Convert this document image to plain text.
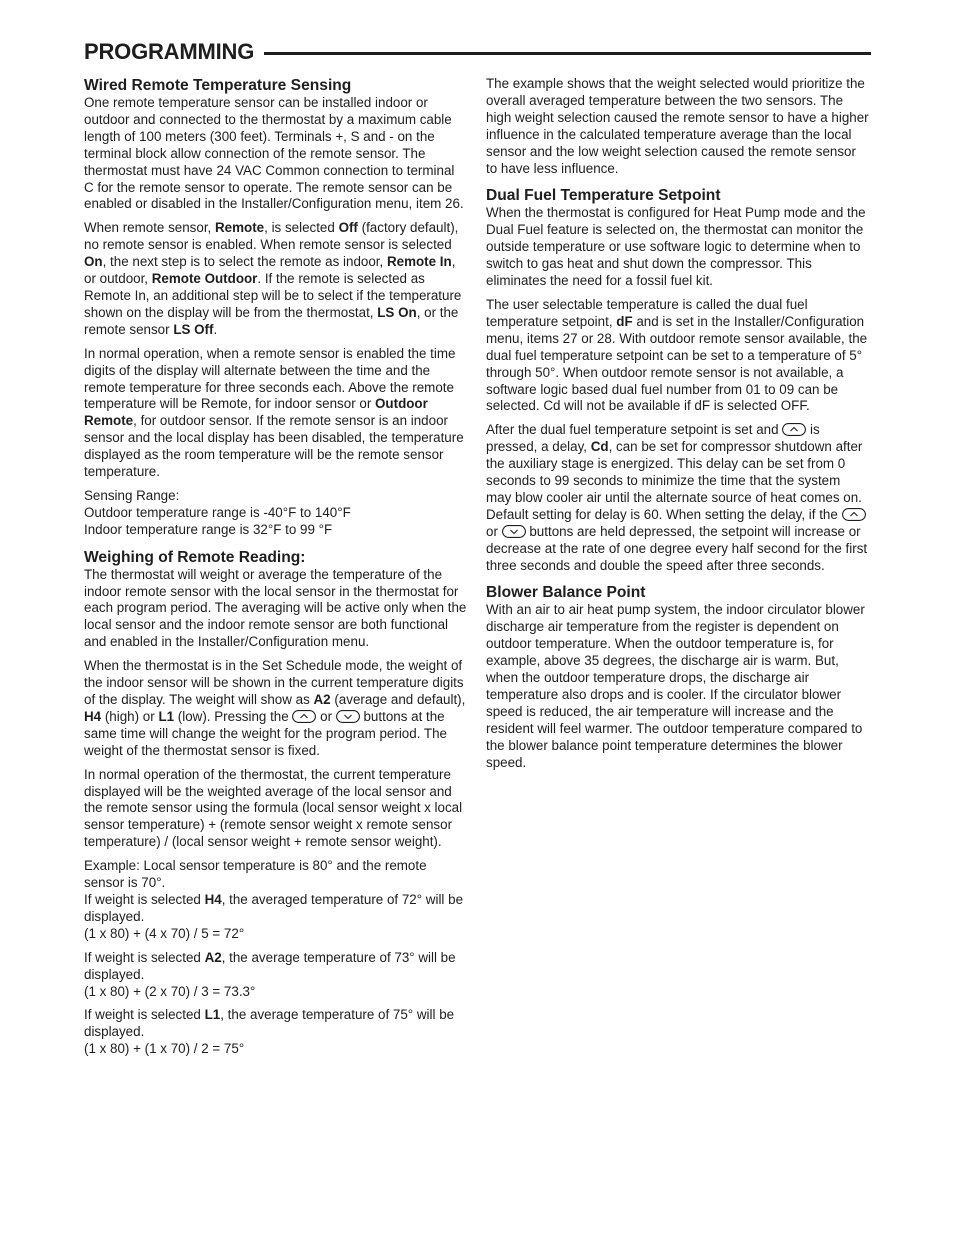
PROGRAMMING
Wired Remote Temperature Sensing

One remote temperature sensor can be installed indoor or outdoor and connected to the thermostat by a maximum cable length of 100 meters (300 feet). Terminals +, S and - on the terminal block allow connection of the remote sensor. The thermostat must have 24 VAC Common connection to terminal C for the remote sensor to operate. The remote sensor can be enabled or disabled in the Installer/Configuration menu, item 26.

When remote sensor, Remote, is selected Off (factory default), no remote sensor is enabled. When remote sensor is selected On, the next step is to select the remote as indoor, Remote In, or outdoor, Remote Outdoor. If the remote is selected as Remote In, an additional step will be to select if the temperature shown on the display will be from the thermostat, LS On, or the remote sensor LS Off.

In normal operation, when a remote sensor is enabled the time digits of the display will alternate between the time and the remote temperature for three seconds each. Above the remote temperature will be Remote, for indoor sensor or Outdoor Remote, for outdoor sensor. If the remote sensor is an indoor sensor and the local display has been disabled, the temperature displayed as the room temperature will be the remote sensor temperature.

Sensing Range:
Outdoor temperature range is -40°F to 140°F
Indoor temperature range is 32°F to 99 °F

Weighing of Remote Reading:

The thermostat will weight or average the temperature of the indoor remote sensor with the local sensor in the thermostat for each program period. The averaging will be active only when the local sensor and the indoor remote sensor are both functional and enabled in the Installer/Configuration menu.

When the thermostat is in the Set Schedule mode, the weight of the indoor sensor will be shown in the current temperature digits of the display. The weight will show as A2 (average and default), H4 (high) or L1 (low). Pressing the  or  buttons at the same time will change the weight for the program period. The weight of the thermostat sensor is fixed.

In normal operation of the thermostat, the current temperature displayed will be the weighted average of the local sensor and the remote sensor using the formula (local sensor weight x local sensor temperature) + (remote sensor weight x remote sensor temperature) / (local sensor weight + remote sensor weight).

Example: Local sensor temperature is 80° and the remote sensor is 70°.
If weight is selected H4, the averaged temperature of 72° will be displayed.
(1 x 80) + (4 x 70) / 5 = 72°

If weight is selected A2, the average temperature of 73° will be displayed.
(1 x 80) + (2 x 70) / 3 = 73.3°

If weight is selected L1, the average temperature of 75° will be displayed.
(1 x 80) + (1 x 70) / 2 = 75°

The example shows that the weight selected would prioritize the overall averaged temperature between the two sensors. The high weight selection caused the remote sensor to have a higher influence in the calculated temperature average than the local sensor and the low weight selection caused the remote sensor to have less influence.

Dual Fuel Temperature Setpoint

When the thermostat is configured for Heat Pump mode and the Dual Fuel feature is selected on, the thermostat can monitor the outside temperature or use software logic to determine when to switch to gas heat and shut down the compressor. This eliminates the need for a fossil fuel kit.

The user selectable temperature is called the dual fuel temperature setpoint, dF and is set in the Installer/Configuration menu, items 27 or 28. With outdoor remote sensor available, the dual fuel temperature setpoint can be set to a temperature of 5° through 50°. When outdoor remote sensor is not available, a software logic based dual fuel number from 01 to 09 can be selected. Cd will not be available if dF is selected OFF.

After the dual fuel temperature setpoint is set and  is pressed, a delay, Cd, can be set for compressor shutdown after the auxiliary stage is energized. This delay can be set from 0 seconds to 99 seconds to minimize the time that the system may blow cooler air until the alternate source of heat comes on. Default setting for delay is 60. When setting the delay, if the  or  buttons are held depressed, the setpoint will increase or decrease at the rate of one degree every half second for the first three seconds and double the speed after three seconds.

Blower Balance Point

With an air to air heat pump system, the indoor circulator blower discharge air temperature from the register is dependent on outdoor temperature. When the outdoor temperature is, for example, above 35 degrees, the discharge air is warm. But, when the outdoor temperature drops, the discharge air temperature also drops and is cooler. If the circulator blower speed is reduced, the air temperature will increase and the resident will feel warmer. The outdoor temperature compared to the blower balance point temperature determines the blower speed.
